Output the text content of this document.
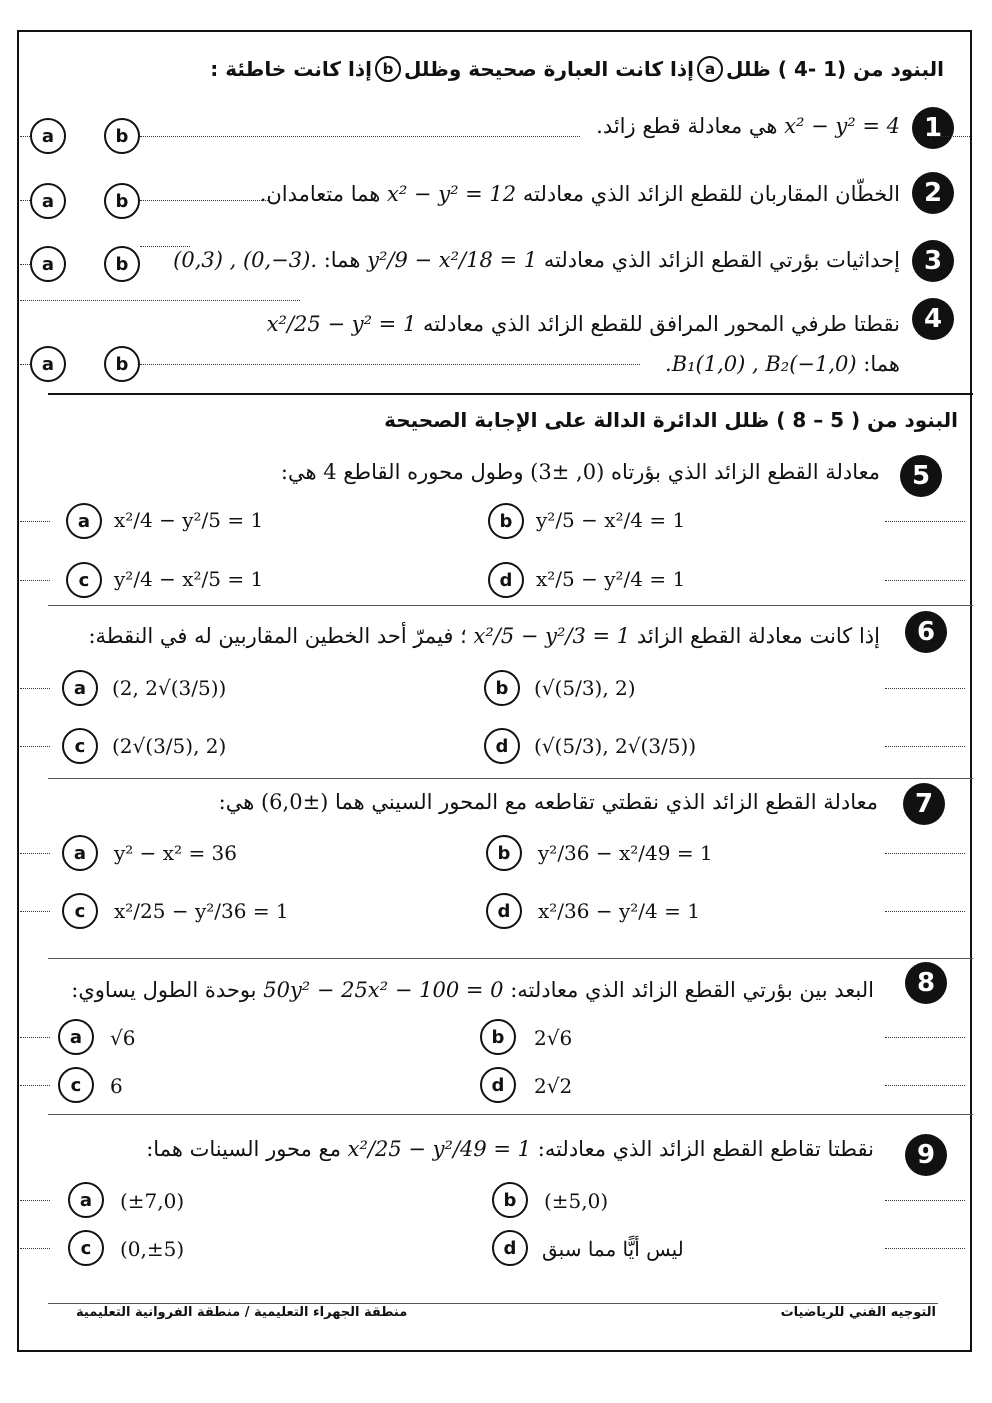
البنود من (1 -4 ) ظلل
a
إذا كانت العبارة صحيحة وظلل
b
إذا كانت خاطئة :
1
x² − y² = 4 هي معادلة قطع زائد.
a	b
2
الخطّان المقاربان للقطع الزائد الذي معادلته x² − y² = 12 هما متعامدان.
a	b
3
إحداثيات بؤرتي القطع الزائد الذي معادلته y²/9 − x²/18 = 1 هما: (0,3) , (0,−3).
a	b
4
نقطتا طرفي المحور المرافق للقطع الزائد الذي معادلته x²/25 − y² = 1
هما: .B₁(1,0) , B₂(−1,0)
a	b
البنود من ( 5 – 8 ) ظلل الدائرة الدالة على الإجابة الصحيحة
5
معادلة القطع الزائد الذي بؤرتاه (0, ±3) وطول محوره القاطع 4 هي:
a	x²/4 − y²/5 = 1	b	y²/5 − x²/4 = 1
c	y²/4 − x²/5 = 1	d	x²/5 − y²/4 = 1
6
إذا كانت معادلة القطع الزائد x²/5 − y²/3 = 1 ؛ فيمرّ أحد الخطين المقاربين له في النقطة:
a	(2, 2√(3/5))	b	(√(5/3), 2)
c	(2√(3/5), 2)	d	(√(5/3), 2√(3/5))
7
معادلة القطع الزائد الذي نقطتي تقاطعه مع المحور السيني هما (±6,0) هي:
a	y² − x² = 36	b	y²/36 − x²/49 = 1
c	x²/25 − y²/36 = 1	d	x²/36 − y²/4 = 1
8
البعد بين بؤرتي القطع الزائد الذي معادلته: 50y² − 25x² − 100 = 0 بوحدة الطول يساوي:
a	√6	b	2√6
c	6	d	2√2
9
نقطتا تقاطع القطع الزائد الذي معادلته: x²/25 − y²/49 = 1 مع محور السينات هما:
a	(±7,0)	b	(±5,0)
c	(0,±5)	d	ليس أيًّا مما سبق
التوجيه الفني للرياضيات
منطقة الجهراء التعليمية / منطقة الفروانية التعليمية
